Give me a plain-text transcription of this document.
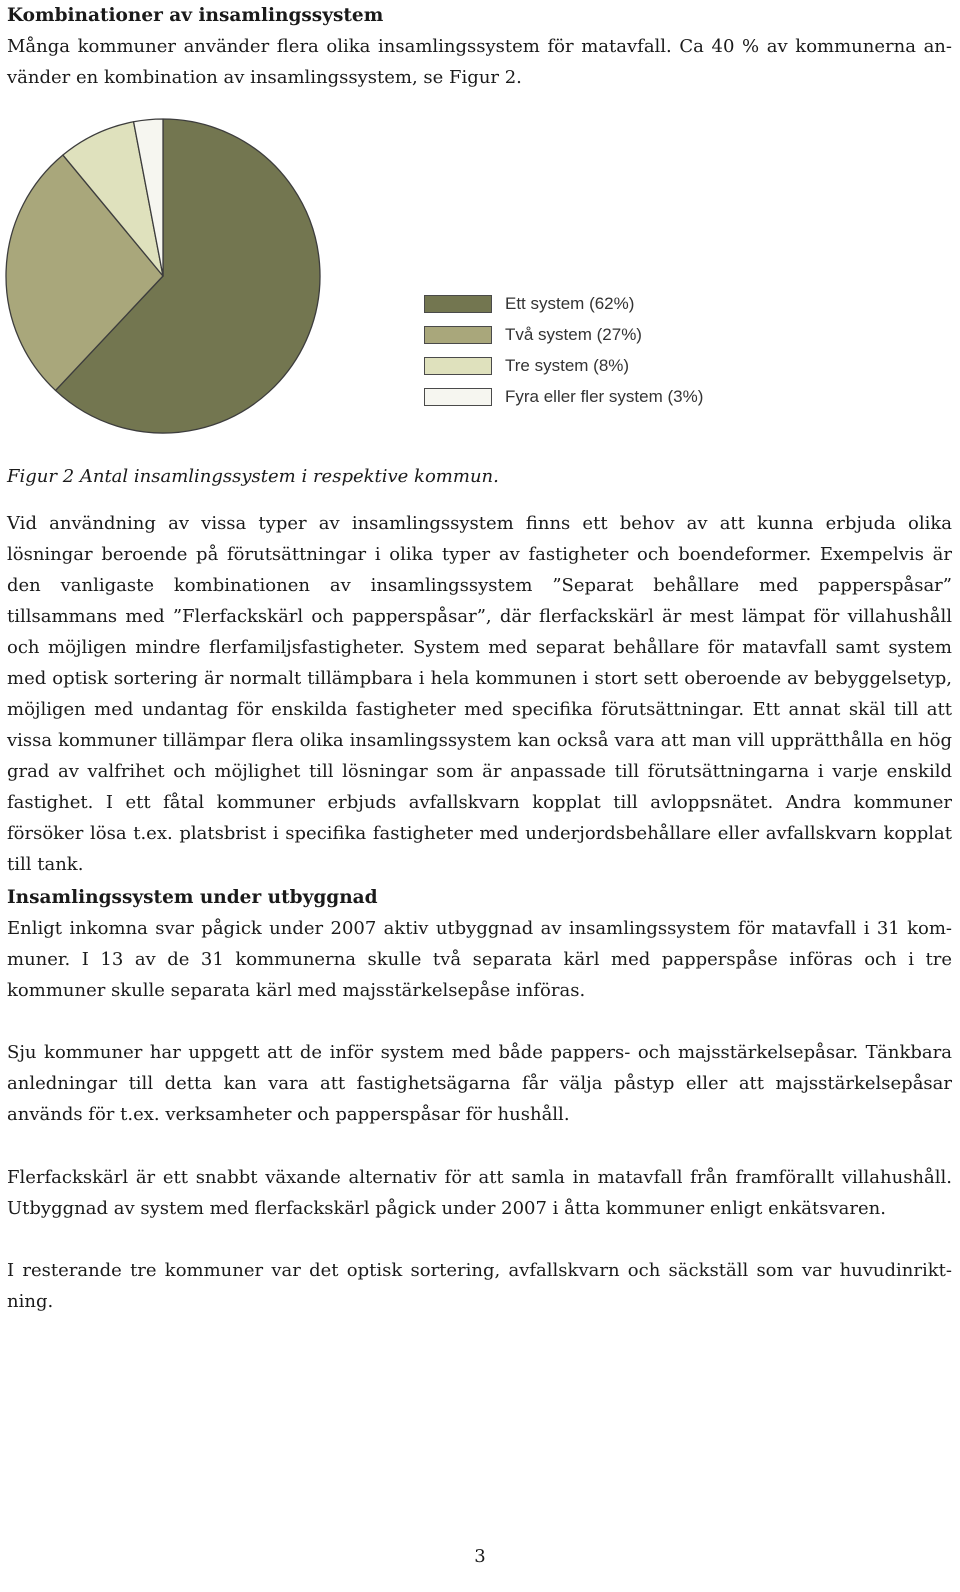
Kombinationer av insamlingssystem

Många kommuner använder flera olika insamlingssystem för matavfall. Ca 40 % av kommunerna använder en kombination av insamlingssystem, se Figur 2.

Ett system (62%)
Två system (27%)
Tre system (8%)
Fyra eller fler system (3%)

Figur 2 Antal insamlingssystem i respektive kommun.

Vid användning av vissa typer av insamlingssystem finns ett behov av att kunna erbjuda olika lösningar beroende på förutsättningar i olika typer av fastigheter och boendeformer. Exempelvis är den vanligaste kombinationen av insamlingssystem ”Separat behållare med papperspåsar” tillsammans med ”Flerfackskärl och papperspåsar”, där flerfackskärl är mest lämpat för villahushåll och möjligen mindre flerfamiljsfastigheter. System med separat behållare för matavfall samt system med optisk sortering är normalt tillämpbara i hela kommunen i stort sett oberoende av bebyggelsetyp, möjligen med undantag för enskilda fastigheter med specifika förutsättningar. Ett annat skäl till att vissa kommuner tillämpar flera olika insamlingssystem kan också vara att man vill upprätthålla en hög grad av valfrihet och möjlighet till lösningar som är anpassade till förutsättningarna i varje enskild fastighet. I ett fåtal kommuner erbjuds avfallskvarn kopplat till avloppsnätet. Andra kommuner försöker lösa t.ex. platsbrist i specifika fastigheter med underjordsbehållare eller avfallskvarn kopplat till tank.

Insamlingssystem under utbyggnad

Enligt inkomna svar pågick under 2007 aktiv utbyggnad av insamlingssystem för matavfall i 31 kommuner. I 13 av de 31 kommunerna skulle två separata kärl med papperspåse införas och i tre kommuner skulle separata kärl med majsstärkelsepåse införas.

Sju kommuner har uppgett att de inför system med både pappers- och majsstärkelsepåsar. Tänkbara anledningar till detta kan vara att fastighetsägarna får välja påstyp eller att majsstärkelsepåsar används för t.ex. verksamheter och papperspåsar för hushåll.

Flerfackskärl är ett snabbt växande alternativ för att samla in matavfall från framförallt villahushåll. Utbyggnad av system med flerfackskärl pågick under 2007 i åtta kommuner enligt enkätsvaren.

I resterande tre kommuner var det optisk sortering, avfallskvarn och säckställ som var huvudinriktning.

3
